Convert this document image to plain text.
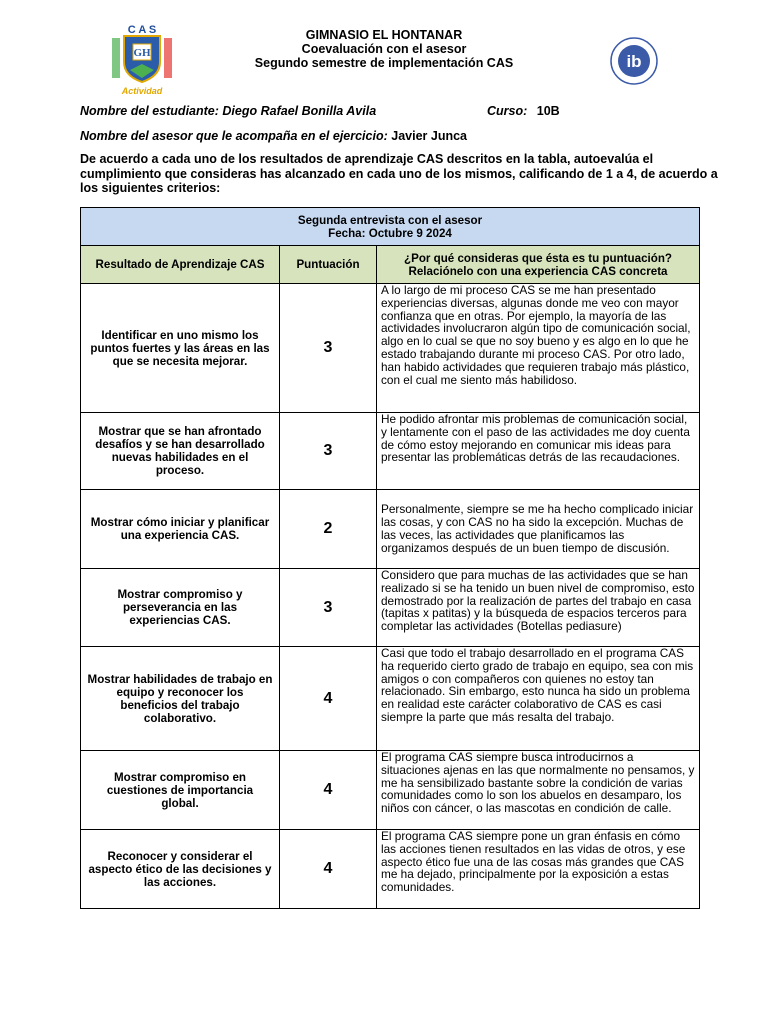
C A S
GH
Actividad
ib
GIMNASIO EL HONTANAR
Coevaluación con el asesor
Segundo semestre de implementación CAS
Nombre del estudiante: Diego Rafael Bonilla Avila	Curso: 10B
Nombre del asesor que le acompaña en el ejercicio: Javier Junca
De acuerdo a cada uno de los resultados de aprendizaje CAS descritos en la tabla, autoevalúa el cumplimiento que consideras has alcanzado en cada uno de los mismos, calificando de 1 a 4, de acuerdo a los siguientes criterios:
Segunda entrevista con el asesor
Fecha: Octubre 9 2024		

Resultado de Aprendizaje CAS	Puntuación	¿Por qué consideras que ésta es tu puntuación? Relaciónelo con una experiencia CAS concreta
Identificar en uno mismo los puntos fuertes y las áreas en las que se necesita mejorar.	3	A lo largo de mi proceso CAS se me han presentado experiencias diversas, algunas donde me veo con mayor confianza que en otras. Por ejemplo, la mayoría de las actividades involucraron algún tipo de comunicación social, algo en lo cual se que no soy bueno y es algo en lo que he estado trabajando durante mi proceso CAS. Por otro lado, han habido actividades que requieren trabajo más plástico, con el cual me siento más habilidoso.
Mostrar que se han afrontado desafíos y se han desarrollado nuevas habilidades en el proceso.	3	He podido afrontar mis problemas de comunicación social, y lentamente con el paso de las actividades me doy cuenta de cómo estoy mejorando en comunicar mis ideas para presentar las problemáticas detrás de las recaudaciones.
Mostrar cómo iniciar y planificar una experiencia CAS.	2	Personalmente, siempre se me ha hecho complicado iniciar las cosas, y con CAS no ha sido la excepción. Muchas de las veces, las actividades que planificamos las organizamos después de un buen tiempo de discusión.
Mostrar compromiso y perseverancia en las experiencias CAS.	3	Considero que para muchas de las actividades que se han realizado si se ha tenido un buen nivel de compromiso, esto demostrado por la realización de partes del trabajo en casa (tapitas x patitas) y la búsqueda de espacios terceros para completar las actividades (Botellas pediasure)
Mostrar habilidades de trabajo en equipo y reconocer los beneficios del trabajo colaborativo.	4	Casi que todo el trabajo desarrollado en el programa CAS ha requerido cierto grado de trabajo en equipo, sea con mis amigos o con compañeros con quienes no estoy tan relacionado. Sin embargo, esto nunca ha sido un problema en realidad este carácter colaborativo de CAS es casi siempre la parte que más resalta del trabajo.
Mostrar compromiso en cuestiones de importancia global.	4	El programa CAS siempre busca introducirnos a situaciones ajenas en las que normalmente no pensamos, y me ha sensibilizado bastante sobre la condición de varias comunidades como lo son los abuelos en desamparo, los niños con cáncer, o las mascotas en condición de calle.
Reconocer y considerar el aspecto ético de las decisiones y las acciones.	4	El programa CAS siempre pone un gran énfasis en cómo las acciones tienen resultados en las vidas de otros, y ese aspecto ético fue una de las cosas más grandes que CAS me ha dejado, principalmente por la exposición a estas comunidades.
